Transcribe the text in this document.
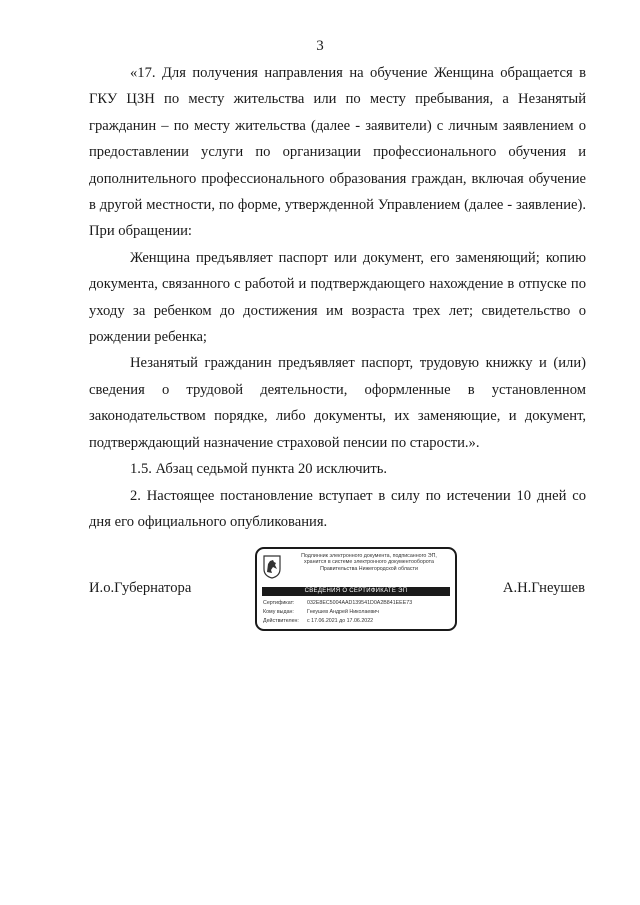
3

«17. Для получения направления на обучение Женщина обращается в ГКУ ЦЗН по месту жительства или по месту пребывания, а Незанятый гражданин – по месту жительства (далее - заявители) с личным заявлением о предоставлении услуги по организации профессионального обучения и дополнительного профессионального образования граждан, включая обучение в другой местности, по форме, утвержденной Управлением (далее - заявление). При обращении:

Женщина предъявляет паспорт или документ, его заменяющий; копию документа, связанного с работой и подтверждающего нахождение в отпуске по уходу за ребенком до достижения им возраста трех лет; свидетельство о рождении ребенка;

Незанятый гражданин предъявляет паспорт, трудовую книжку и (или) сведения о трудовой деятельности, оформленные в установленном законодательством порядке, либо документы, их заменяющие, и документ, подтверждающий назначение страховой пенсии по старости.».

1.5. Абзац седьмой пункта 20 исключить.

2. Настоящее постановление вступает в силу по истечении 10 дней со дня его официального опубликования.

И.о.Губернатора
Подлинник электронного документа, подписанного ЭП,
хранится в системе электронного документооборота
Правительства Нижегородской области
СВЕДЕНИЯ О СЕРТИФИКАТЕ ЭП
Сертификат: 032E8EC5004AAD139541D0A2B841EEE73
Кому выдан: Гнеушев Андрей Николаевич
Действителен: с 17.06.2021 до 17.06.2022
А.Н.Гнеушев
